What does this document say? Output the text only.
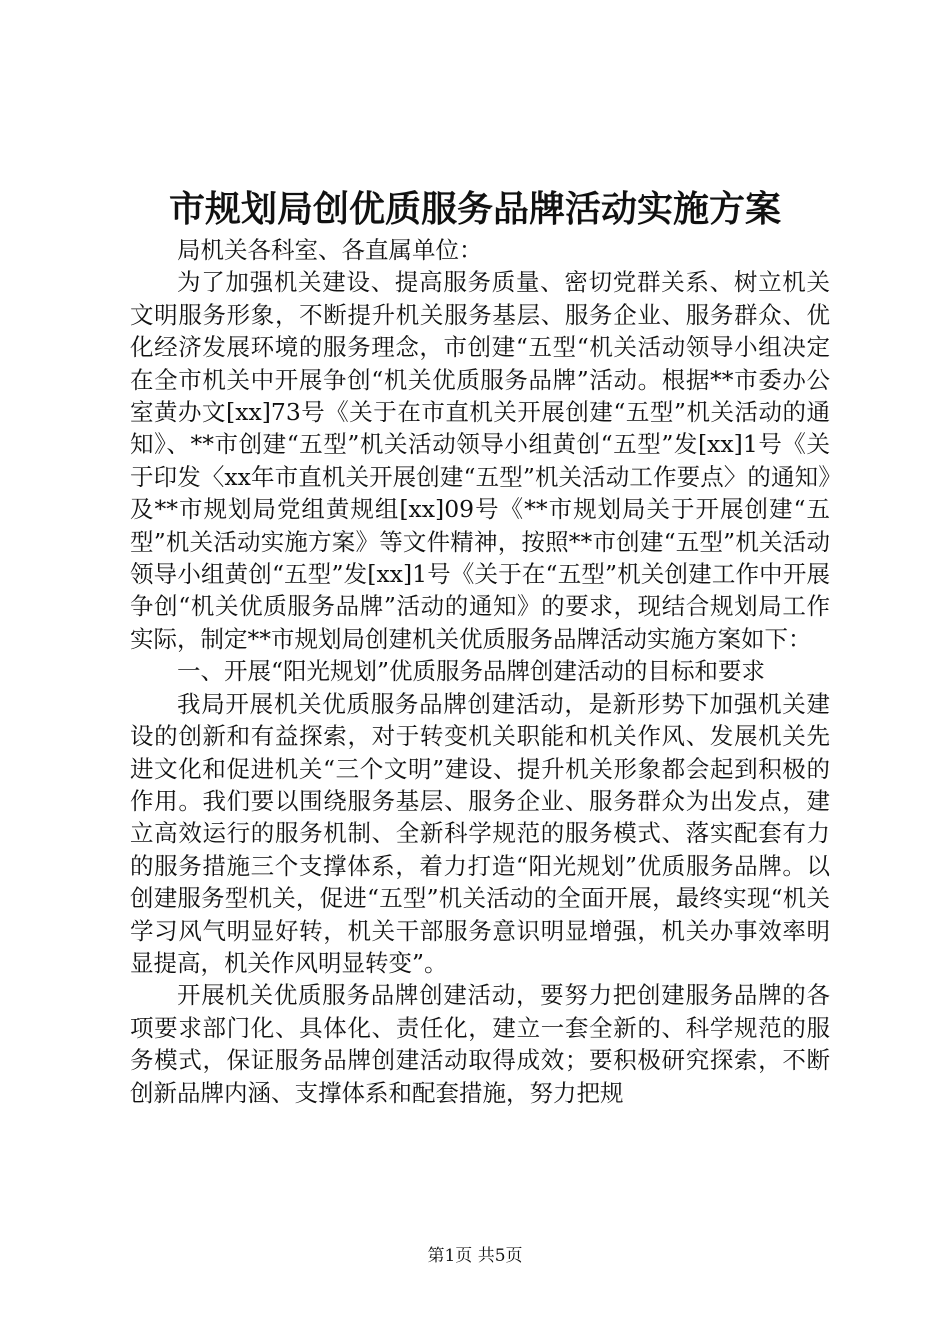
市规划局创优质服务品牌活动实施方案

局机关各科室、各直属单位：

为了加强机关建设、提高服务质量、密切党群关系、树立机关文明服务形象，不断提升机关服务基层、服务企业、服务群众、优化经济发展环境的服务理念，市创建“五型“机关活动领导小组决定在全市机关中开展争创“机关优质服务品牌”活动。根据**市委办公室黄办文[xx]73号《关于在市直机关开展创建“五型”机关活动的通知》、**市创建“五型”机关活动领导小组黄创“五型”发[xx]1号《关于印发〈xx年市直机关开展创建“五型”机关活动工作要点〉的通知》及**市规划局党组黄规组[xx]09号《**市规划局关于开展创建“五型”机关活动实施方案》等文件精神，按照**市创建“五型”机关活动领导小组黄创“五型”发[xx]1号《关于在“五型”机关创建工作中开展争创“机关优质服务品牌”活动的通知》的要求，现结合规划局工作实际，制定**市规划局创建机关优质服务品牌活动实施方案如下：

一、开展“阳光规划”优质服务品牌创建活动的目标和要求

我局开展机关优质服务品牌创建活动，是新形势下加强机关建设的创新和有益探索，对于转变机关职能和机关作风、发展机关先进文化和促进机关“三个文明”建设、提升机关形象都会起到积极的作用。我们要以围绕服务基层、服务企业、服务群众为出发点，建立高效运行的服务机制、全新科学规范的服务模式、落实配套有力的服务措施三个支撑体系，着力打造“阳光规划”优质服务品牌。以创建服务型机关，促进“五型”机关活动的全面开展，最终实现“机关学习风气明显好转，机关干部服务意识明显增强，机关办事效率明显提高，机关作风明显转变”。

开展机关优质服务品牌创建活动，要努力把创建服务品牌的各项要求部门化、具体化、责任化，建立一套全新的、科学规范的服务模式，保证服务品牌创建活动取得成效；要积极研究探索，不断创新品牌内涵、支撑体系和配套措施，努力把规

第1页 共5页
